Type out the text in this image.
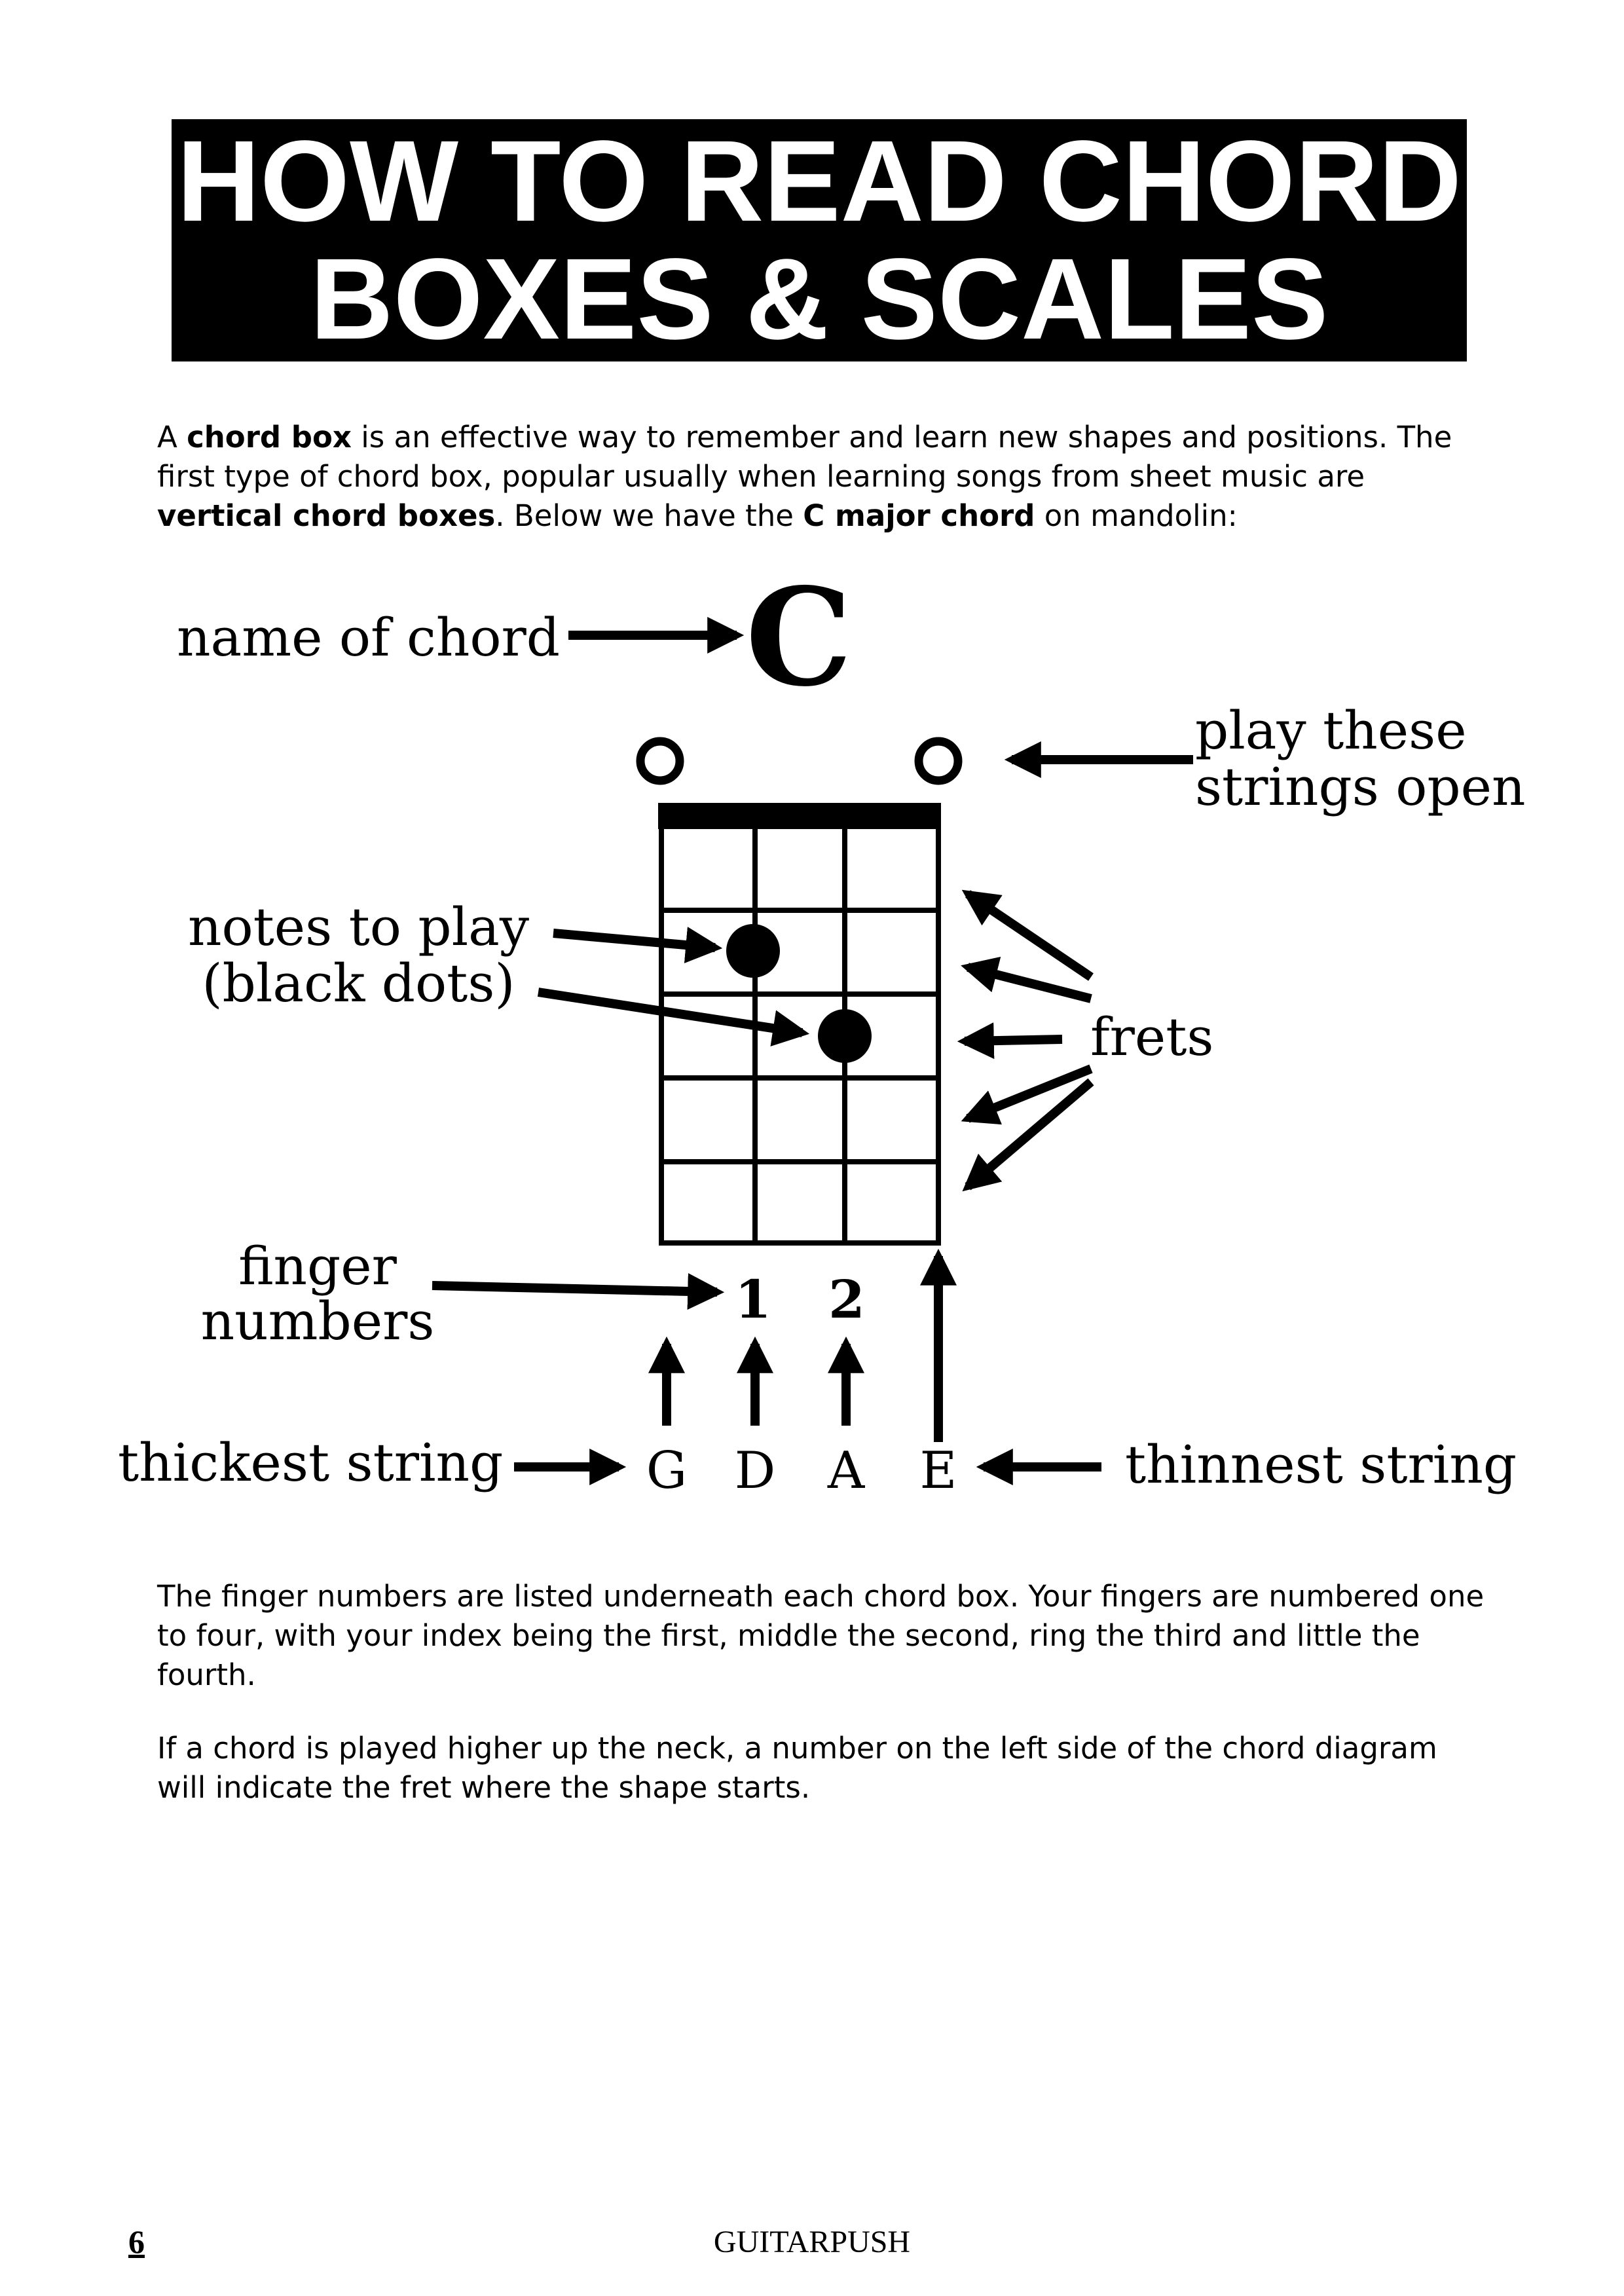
HOW TO READ CHORD
BOXES & SCALES
A chord box is an effective way to remember and learn new shapes and positions. The first type of chord box, popular usually when learning songs from sheet music are vertical chord boxes. Below we have the C major chord on mandolin:
C
1 2
G D A E
name of chord
play these
strings open
notes to play
(black dots)
frets
finger
numbers
thickest string	thinnest string
The finger numbers are listed underneath each chord box. Your fingers are numbered one to four, with your index being the first, middle the second, ring the third and little the fourth.
If a chord is played higher up the neck, a number on the left side of the chord diagram will indicate the fret where the shape starts.
6	GUITARPUSH
